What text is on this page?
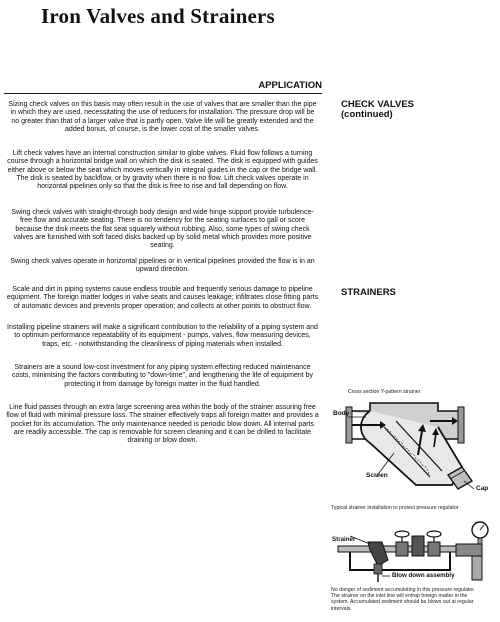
Iron Valves and Strainers
APPLICATION
CHECK VALVES
(continued)
STRAINERS

Sizing check valves on this basis may often result in the use of valves that are smaller than the pipe in which they are used, necessitating the use of reducers for installation. The pressure drop will be no greater than that of a larger valve that is partly open. Valve life will be greatly extended and the added bonus, of course, is the lower cost of the smaller valves.

Lift check valves have an internal construction similar to globe valves. Fluid flow follows a turning course through a horizontal bridge wall on which the disk is seated. The disk is equipped with guides either above or below the seat which moves vertically in integral guides in the cap or the bridge wall. The disk is seated by backflow, or by gravity when there is no flow. Lift check valves operate in horizontal pipelines only so that the disk is free to rise and fall depending on flow.

Swing check valves with straight-through body design and wide hinge support provide turbulence-free flow and accurate seating. There is no tendency for the seating surfaces to gall or score because the disk meets the flat seat squarely without rubbing. Also, some types of swing check valves are furnished with soft faced disks backed up by solid metal which provides more positive seating.

Swing check valves operate in horizontal pipelines or in vertical pipelines provided the flow is in an upward direction.

Scale and dirt in piping systems cause endless trouble and frequently serious damage to pipeline equipment. The foreign matter lodges in valve seats and causes leakage; infiltrates close fitting parts of automatic devices and prevents proper operation; and collects at other points to obstruct flow.

Installing pipeline strainers will make a significant contribution to the reliability of a piping system and to optimum performance repeatability of its equipment - pumps, valves, flow measuring devices, traps, etc. - notwithstanding the cleanliness of piping materials when installed.

Strainers are a sound low-cost investment for any piping system effecting reduced maintenance costs, minimising the factors contributing to "down-time", and lengthening the life of equipment by protecting it from damage by foreign matter in the fluid handled.

Line fluid passes through an extra large screening area within the body of the strainer assuring free flow of fluid with minimal pressure loss. The strainer effectively traps all foreign matter and provides a pocket for its accumulation. The only maintenance needed is periodic blow down. All internal parts are readily accessible. The cap is removable for screen cleaning and it can be drilled to facilitate draining or blow down.

Cross section Y-pattern strainer
Body
Screen
Cap
Typical strainer installation to protect pressure regulator
Strainer
Blow down assembly
No danger of sediment accumulating in this pressure regulator. The strainer on the inlet line will entrap foreign matter in the system. Accumulated sediment should be blown out at regular intervals.
